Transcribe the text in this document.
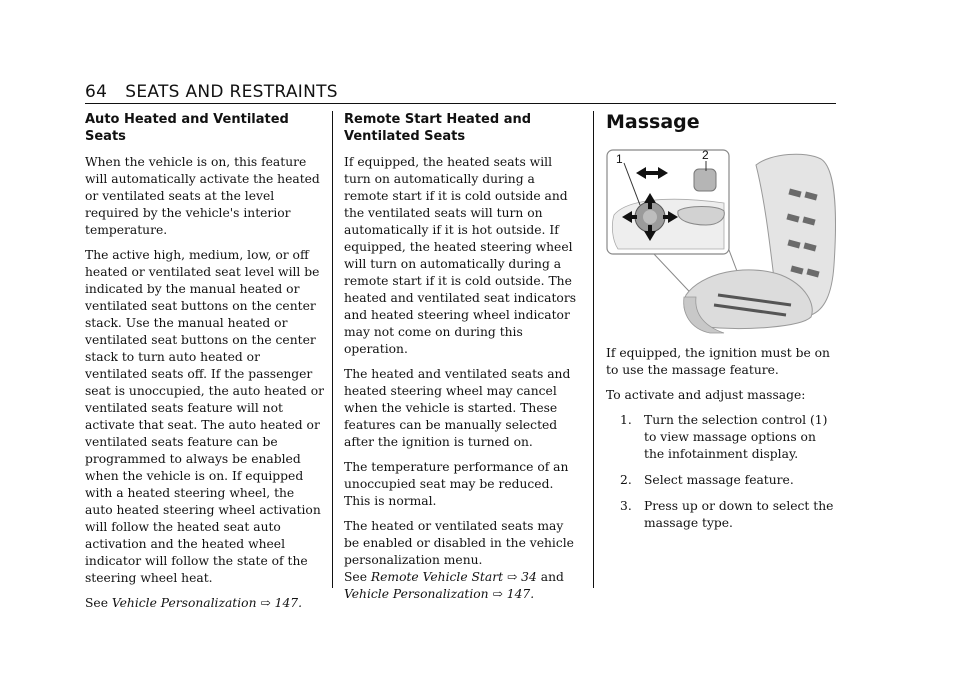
64 SEATS AND RESTRAINTS
Auto Heated and Ventilated Seats

When the vehicle is on, this feature will automatically activate the heated or ventilated seats at the level required by the vehicle's interior temperature.

The active high, medium, low, or off heated or ventilated seat level will be indicated by the manual heated or ventilated seat buttons on the center stack. Use the manual heated or ventilated seat buttons on the center stack to turn auto heated or ventilated seats off. If the passenger seat is unoccupied, the auto heated or ventilated seats feature will not activate that seat. The auto heated or ventilated seats feature can be programmed to always be enabled when the vehicle is on. If equipped with a heated steering wheel, the auto heated steering wheel activation will follow the heated seat auto activation and the heated wheel indicator will follow the state of the steering wheel heat.

See Vehicle Personalization ⇨ 147.

Remote Start Heated and Ventilated Seats

If equipped, the heated seats will turn on automatically during a remote start if it is cold outside and the ventilated seats will turn on automatically if it is hot outside. If equipped, the heated steering wheel will turn on automatically during a remote start if it is cold outside. The heated and ventilated seat indicators and heated steering wheel indicator may not come on during this operation.

The heated and ventilated seats and heated steering wheel may cancel when the vehicle is started. These features can be manually selected after the ignition is turned on.

The temperature performance of an unoccupied seat may be reduced. This is normal.

The heated or ventilated seats may be enabled or disabled in the vehicle personalization menu.
See Remote Vehicle Start ⇨ 34 and Vehicle Personalization ⇨ 147.

Massage
1	2

If equipped, the ignition must be on to use the massage feature.

To activate and adjust massage:

1. Turn the selection control (1) to view massage options on the infotainment display.
2. Select massage feature.
3. Press up or down to select the massage type.
